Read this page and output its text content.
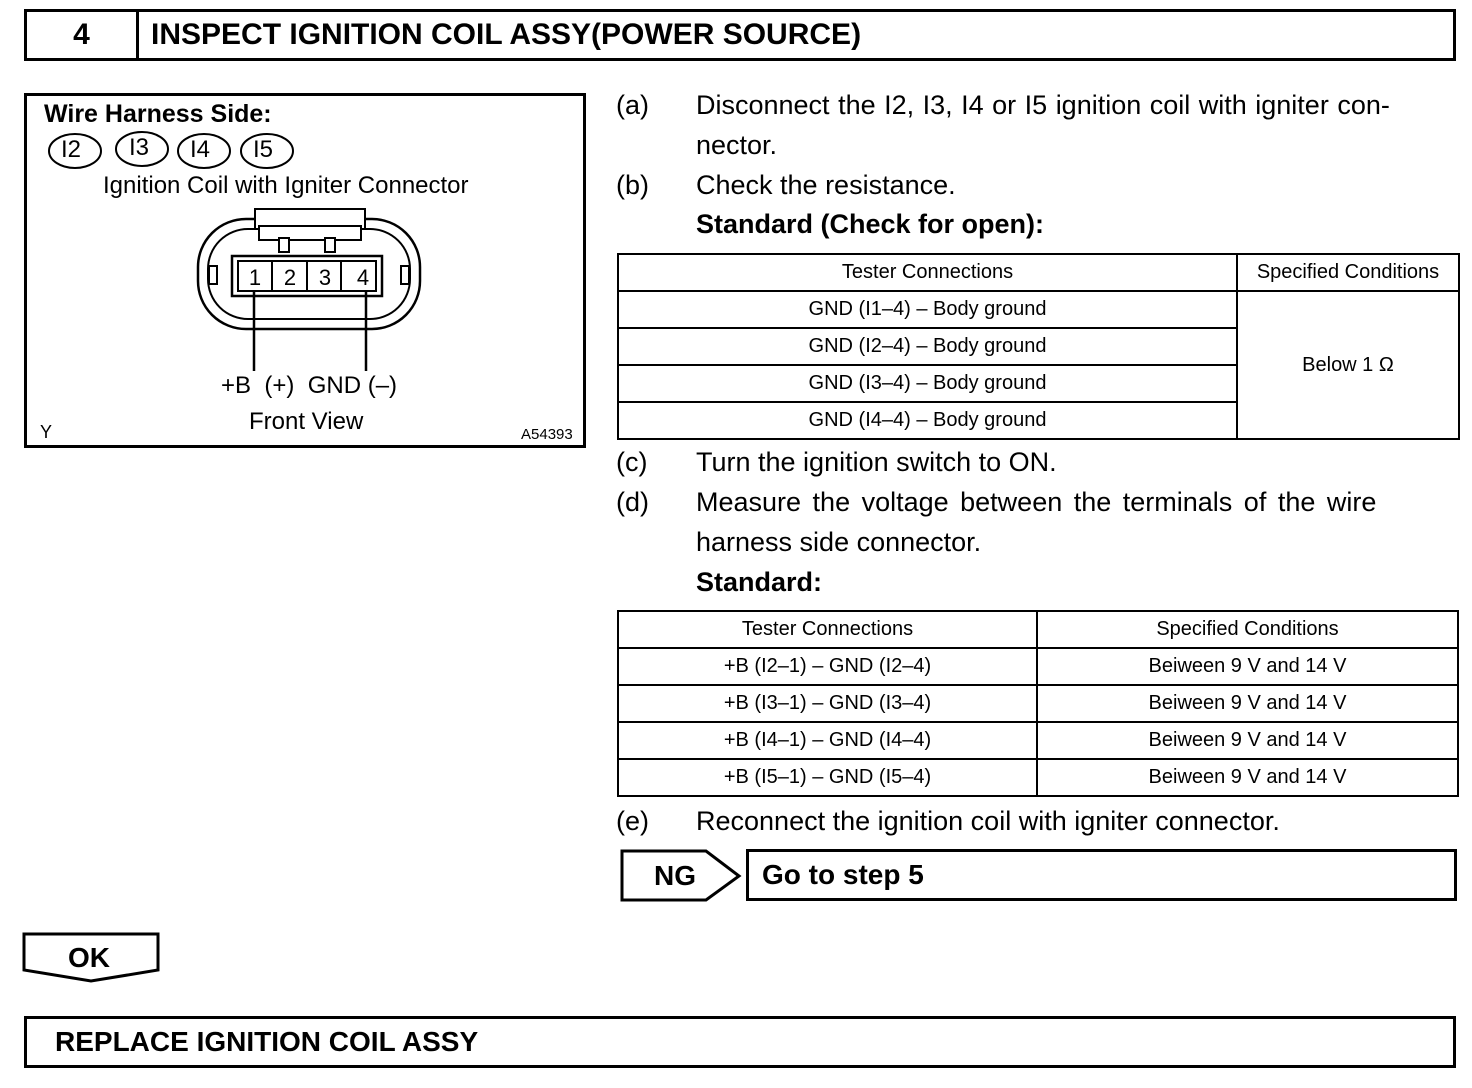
4	INSPECT IGNITION COIL ASSY(POWER SOURCE)
1 2 3 4
Wire Harness Side:
I2 I3 I4 I5
Ignition Coil with Igniter Connector
+B  (+)  GND (–)
Front View
Y	A54393
(a) Disconnect the I2, I3, I4 or I5 ignition coil with igniter con-
nector.
(b) Check the resistance.
Standard (Check for open):
Tester Connections	Specified Conditions
GND (I1–4) – Body ground	Below 1 Ω
GND (I2–4) – Body ground	
GND (I3–4) – Body ground	
GND (I4–4) – Body ground	
(c) Turn the ignition switch to ON.
(d) Measure the voltage between the terminals of the wire
harness side connector.
Standard:
Tester Connections	Specified Conditions
+B (I2–1) – GND (I2–4)	Beiween 9 V and 14 V
+B (I3–1) – GND (I3–4)	Beiween 9 V and 14 V
+B (I4–1) – GND (I4–4)	Beiween 9 V and 14 V
+B (I5–1) – GND (I5–4)	Beiween 9 V and 14 V
(e) Reconnect the ignition coil with igniter connector.
NG Go to step 5
OK
REPLACE IGNITION COIL ASSY
